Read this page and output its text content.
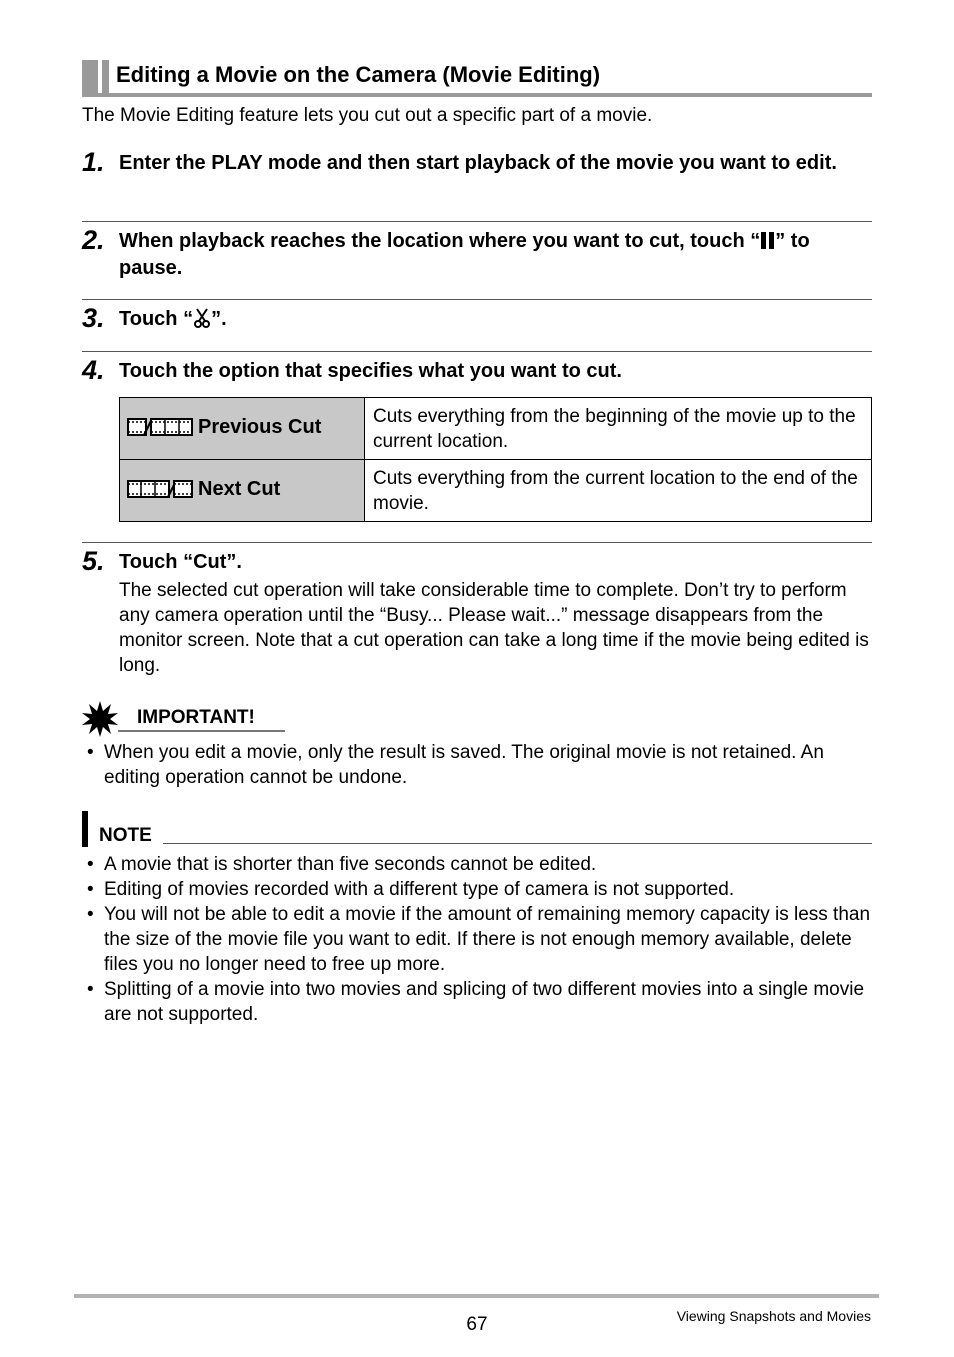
Editing a Movie on the Camera (Movie Editing)
The Movie Editing feature lets you cut out a specific part of a movie.
1. Enter the PLAY mode and then start playback of the movie you want to edit.
2. When playback reaches the location where you want to cut, touch “ ” to pause.
3. Touch “ ”.
4. Touch the option that specifies what you want to cut.
Previous Cut	Cuts everything from the beginning of the movie up to the current location.
Next Cut	Cuts everything from the current location to the end of the movie.
5. Touch “Cut”.
The selected cut operation will take considerable time to complete. Don’t try to perform any camera operation until the “Busy... Please wait...” message disappears from the monitor screen. Note that a cut operation can take a long time if the movie being edited is long.
IMPORTANT!
• When you edit a movie, only the result is saved. The original movie is not retained. An editing operation cannot be undone.
NOTE
• A movie that is shorter than five seconds cannot be edited.
• Editing of movies recorded with a different type of camera is not supported.
• You will not be able to edit a movie if the amount of remaining memory capacity is less than the size of the movie file you want to edit. If there is not enough memory available, delete files you no longer need to free up more.
• Splitting of a movie into two movies and splicing of two different movies into a single movie are not supported.
67	Viewing Snapshots and Movies
